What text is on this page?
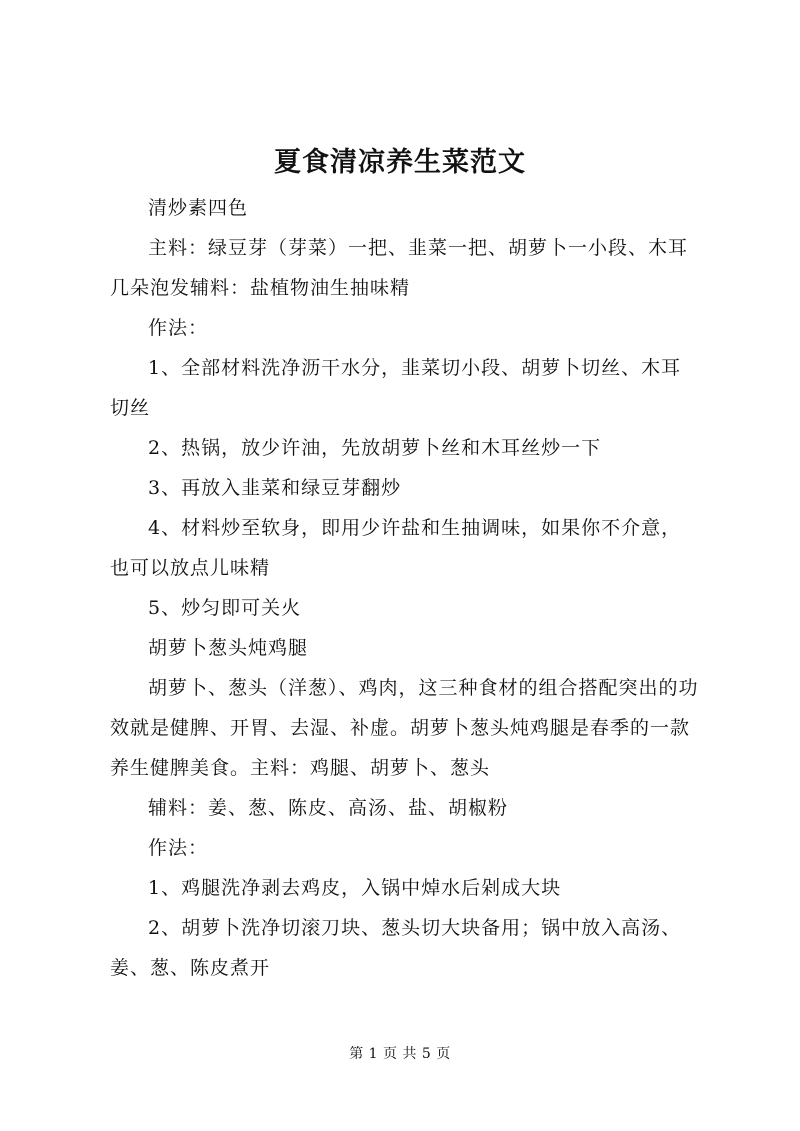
夏食清凉养生菜范文

清炒素四色

主料：绿豆芽（芽菜）一把、韭菜一把、胡萝卜一小段、木耳几朵泡发辅料：盐植物油生抽味精

作法：

1、全部材料洗净沥干水分，韭菜切小段、胡萝卜切丝、木耳切丝

2、热锅，放少许油，先放胡萝卜丝和木耳丝炒一下

3、再放入韭菜和绿豆芽翻炒

4、材料炒至软身，即用少许盐和生抽调味，如果你不介意，也可以放点儿味精

5、炒匀即可关火

胡萝卜葱头炖鸡腿

胡萝卜、葱头（洋葱）、鸡肉，这三种食材的组合搭配突出的功效就是健脾、开胃、去湿、补虚。胡萝卜葱头炖鸡腿是春季的一款养生健脾美食。主料：鸡腿、胡萝卜、葱头

辅料：姜、葱、陈皮、高汤、盐、胡椒粉

作法：

1、鸡腿洗净剥去鸡皮，入锅中焯水后剁成大块

2、胡萝卜洗净切滚刀块、葱头切大块备用；锅中放入高汤、姜、葱、陈皮煮开

第 1 页 共 5 页
